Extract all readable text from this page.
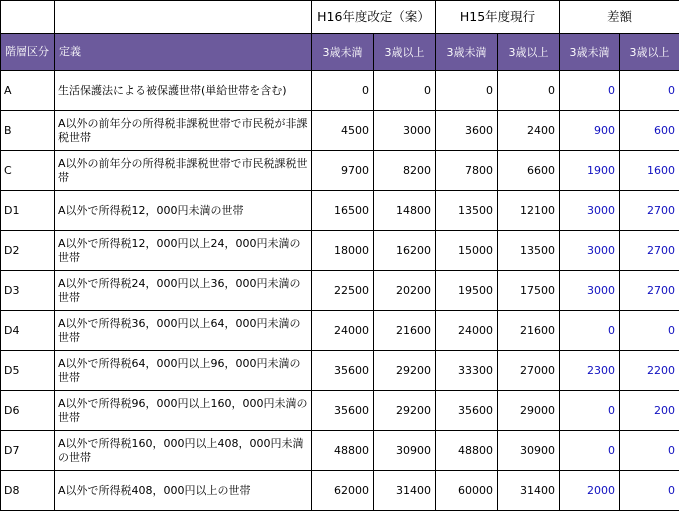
		H16年度改定（案）		H15年度現行		差額	
階層区分	定義	3歳未満	3歳以上	3歳未満	3歳以上	3歳未満	3歳以上
A	生活保護法による被保護世帯(単給世帯を含む)	0	0	0	0	0	0
B	A以外の前年分の所得税非課税世帯で市民税が非課税世帯	4500	3000	3600	2400	900	600
C	A以外の前年分の所得税非課税世帯で市民税課税世帯	9700	8200	7800	6600	1900	1600
D1	A以外で所得税12，000円未満の世帯	16500	14800	13500	12100	3000	2700
D2	A以外で所得税12，000円以上24，000円未満の世帯	18000	16200	15000	13500	3000	2700
D3	A以外で所得税24，000円以上36，000円未満の世帯	22500	20200	19500	17500	3000	2700
D4	A以外で所得税36，000円以上64，000円未満の世帯	24000	21600	24000	21600	0	0
D5	A以外で所得税64，000円以上96，000円未満の世帯	35600	29200	33300	27000	2300	2200
D6	A以外で所得税96，000円以上160，000円未満の世帯	35600	29200	35600	29000	0	200
D7	A以外で所得税160，000円以上408，000円未満の世帯	48800	30900	48800	30900	0	0
D8	A以外で所得税408，000円以上の世帯	62000	31400	60000	31400	2000	0
